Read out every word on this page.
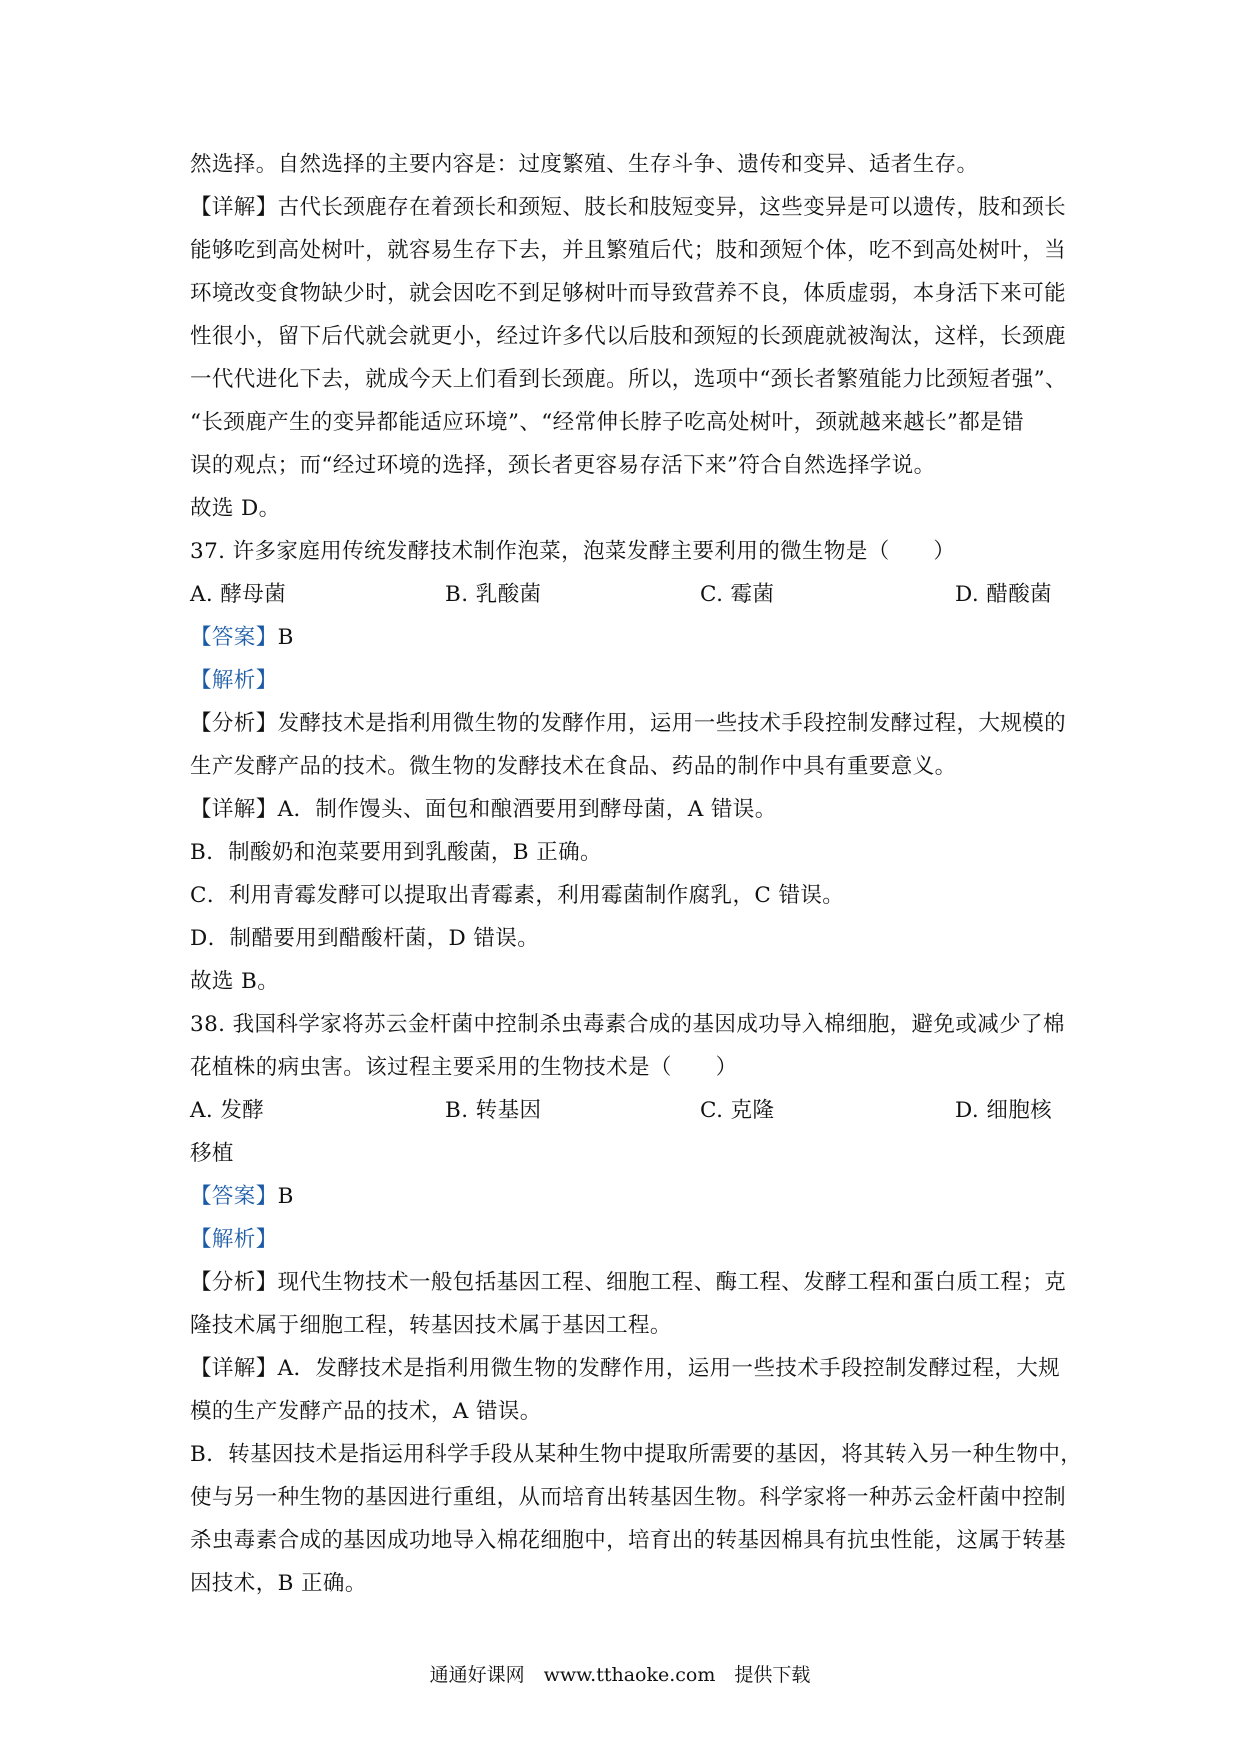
然选择。自然选择的主要内容是：过度繁殖、生存斗争、遗传和变异、适者生存。
【详解】古代长颈鹿存在着颈长和颈短、肢长和肢短变异，这些变异是可以遗传，肢和颈长
能够吃到高处树叶，就容易生存下去，并且繁殖后代；肢和颈短个体，吃不到高处树叶，当
环境改变食物缺少时，就会因吃不到足够树叶而导致营养不良，体质虚弱，本身活下来可能
性很小，留下后代就会就更小，经过许多代以后肢和颈短的长颈鹿就被淘汰，这样，长颈鹿
一代代进化下去，就成今天上们看到长颈鹿。所以，选项中“颈长者繁殖能力比颈短者强”、
“长颈鹿产生的变异都能适应环境”、“经常伸长脖子吃高处树叶，颈就越来越长”都是错
误的观点；而“经过环境的选择，颈长者更容易存活下来”符合自然选择学说。
故选 D。
37. 许多家庭用传统发酵技术制作泡菜，泡菜发酵主要利用的微生物是（　　）
A. 酵母菌	B. 乳酸菌	C. 霉菌	D. 醋酸菌
【答案】B
【解析】
【分析】发酵技术是指利用微生物的发酵作用，运用一些技术手段控制发酵过程，大规模的
生产发酵产品的技术。微生物的发酵技术在食品、药品的制作中具有重要意义。
【详解】A．制作馒头、面包和酿酒要用到酵母菌，A 错误。
B．制酸奶和泡菜要用到乳酸菌，B 正确。
C．利用青霉发酵可以提取出青霉素，利用霉菌制作腐乳，C 错误。
D．制醋要用到醋酸杆菌，D 错误。
故选 B。
38. 我国科学家将苏云金杆菌中控制杀虫毒素合成的基因成功导入棉细胞，避免或减少了棉
花植株的病虫害。该过程主要采用的生物技术是（　　）
A. 发酵	B. 转基因	C. 克隆	D. 细胞核
移植
【答案】B
【解析】
【分析】现代生物技术一般包括基因工程、细胞工程、酶工程、发酵工程和蛋白质工程；克
隆技术属于细胞工程，转基因技术属于基因工程。
【详解】A．发酵技术是指利用微生物的发酵作用，运用一些技术手段控制发酵过程，大规
模的生产发酵产品的技术，A 错误。
B．转基因技术是指运用科学手段从某种生物中提取所需要的基因，将其转入另一种生物中，
使与另一种生物的基因进行重组，从而培育出转基因生物。科学家将一种苏云金杆菌中控制
杀虫毒素合成的基因成功地导入棉花细胞中，培育出的转基因棉具有抗虫性能，这属于转基
因技术，B 正确。
通通好课网　www.tthaoke.com　提供下载
